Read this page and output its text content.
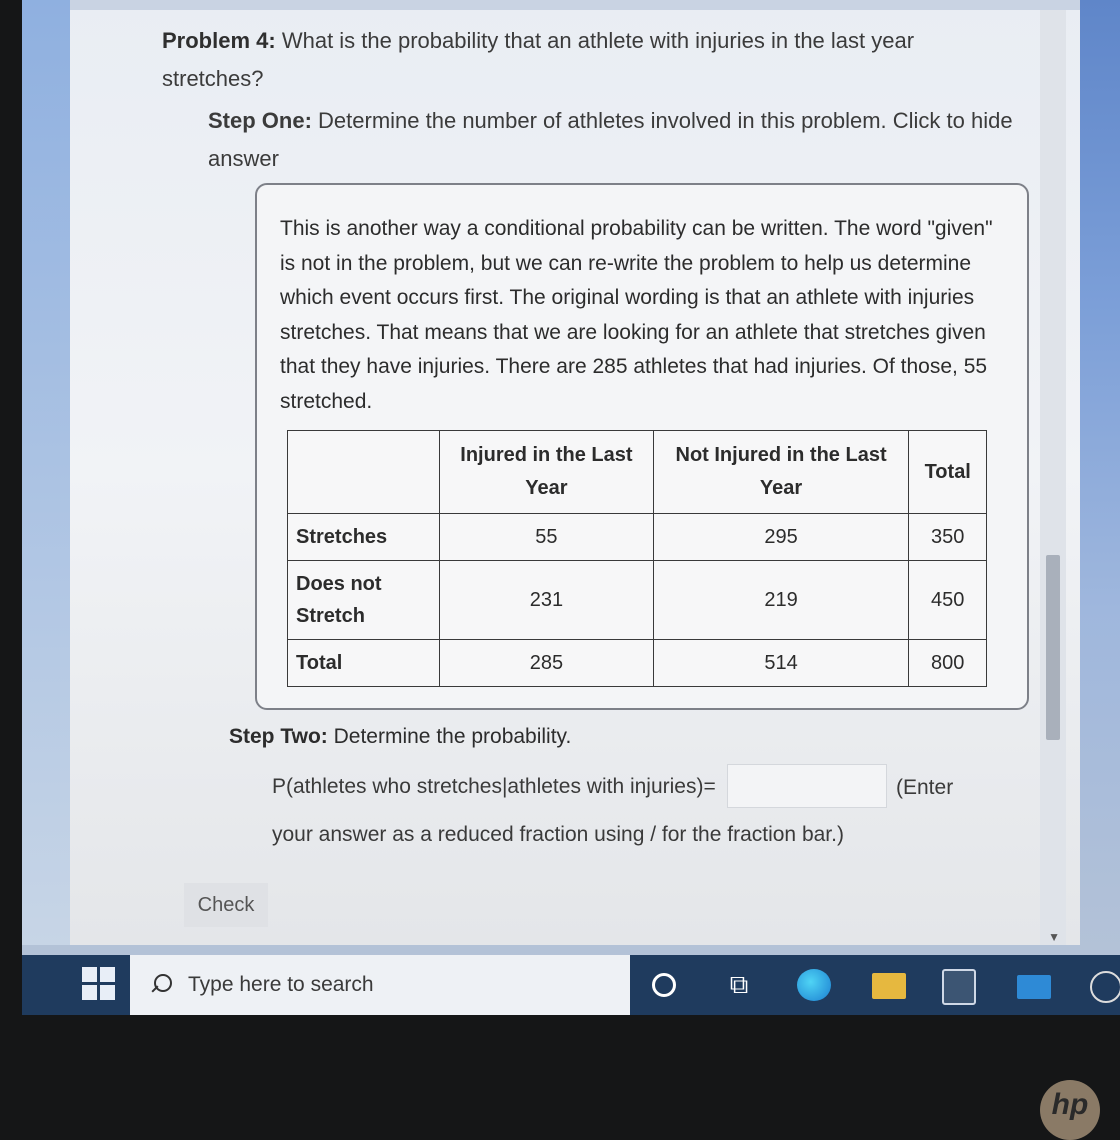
▼
Problem 4: What is the probability that an athlete with injuries in the last year stretches?
Step One: Determine the number of athletes involved in this problem. Click to hide answer
This is another way a conditional probability can be written. The word "given" is not in the problem, but we can re-write the problem to help us determine which event occurs first. The original wording is that an athlete with injuries stretches. That means that we are looking for an athlete that stretches given that they have injuries. There are 285 athletes that had injuries. Of those, 55 stretched.
	Injured in the Last Year	Not Injured in the Last Year	Total
Stretches	55	295	350
Does not Stretch	231	219	450
Total	285	514	800
Step Two: Determine the probability.
P(athletes who stretches|athletes with injuries)=	(Enter
your answer as a reduced fraction using / for the fraction bar.)
Check
Type here to search	⧉
hp
